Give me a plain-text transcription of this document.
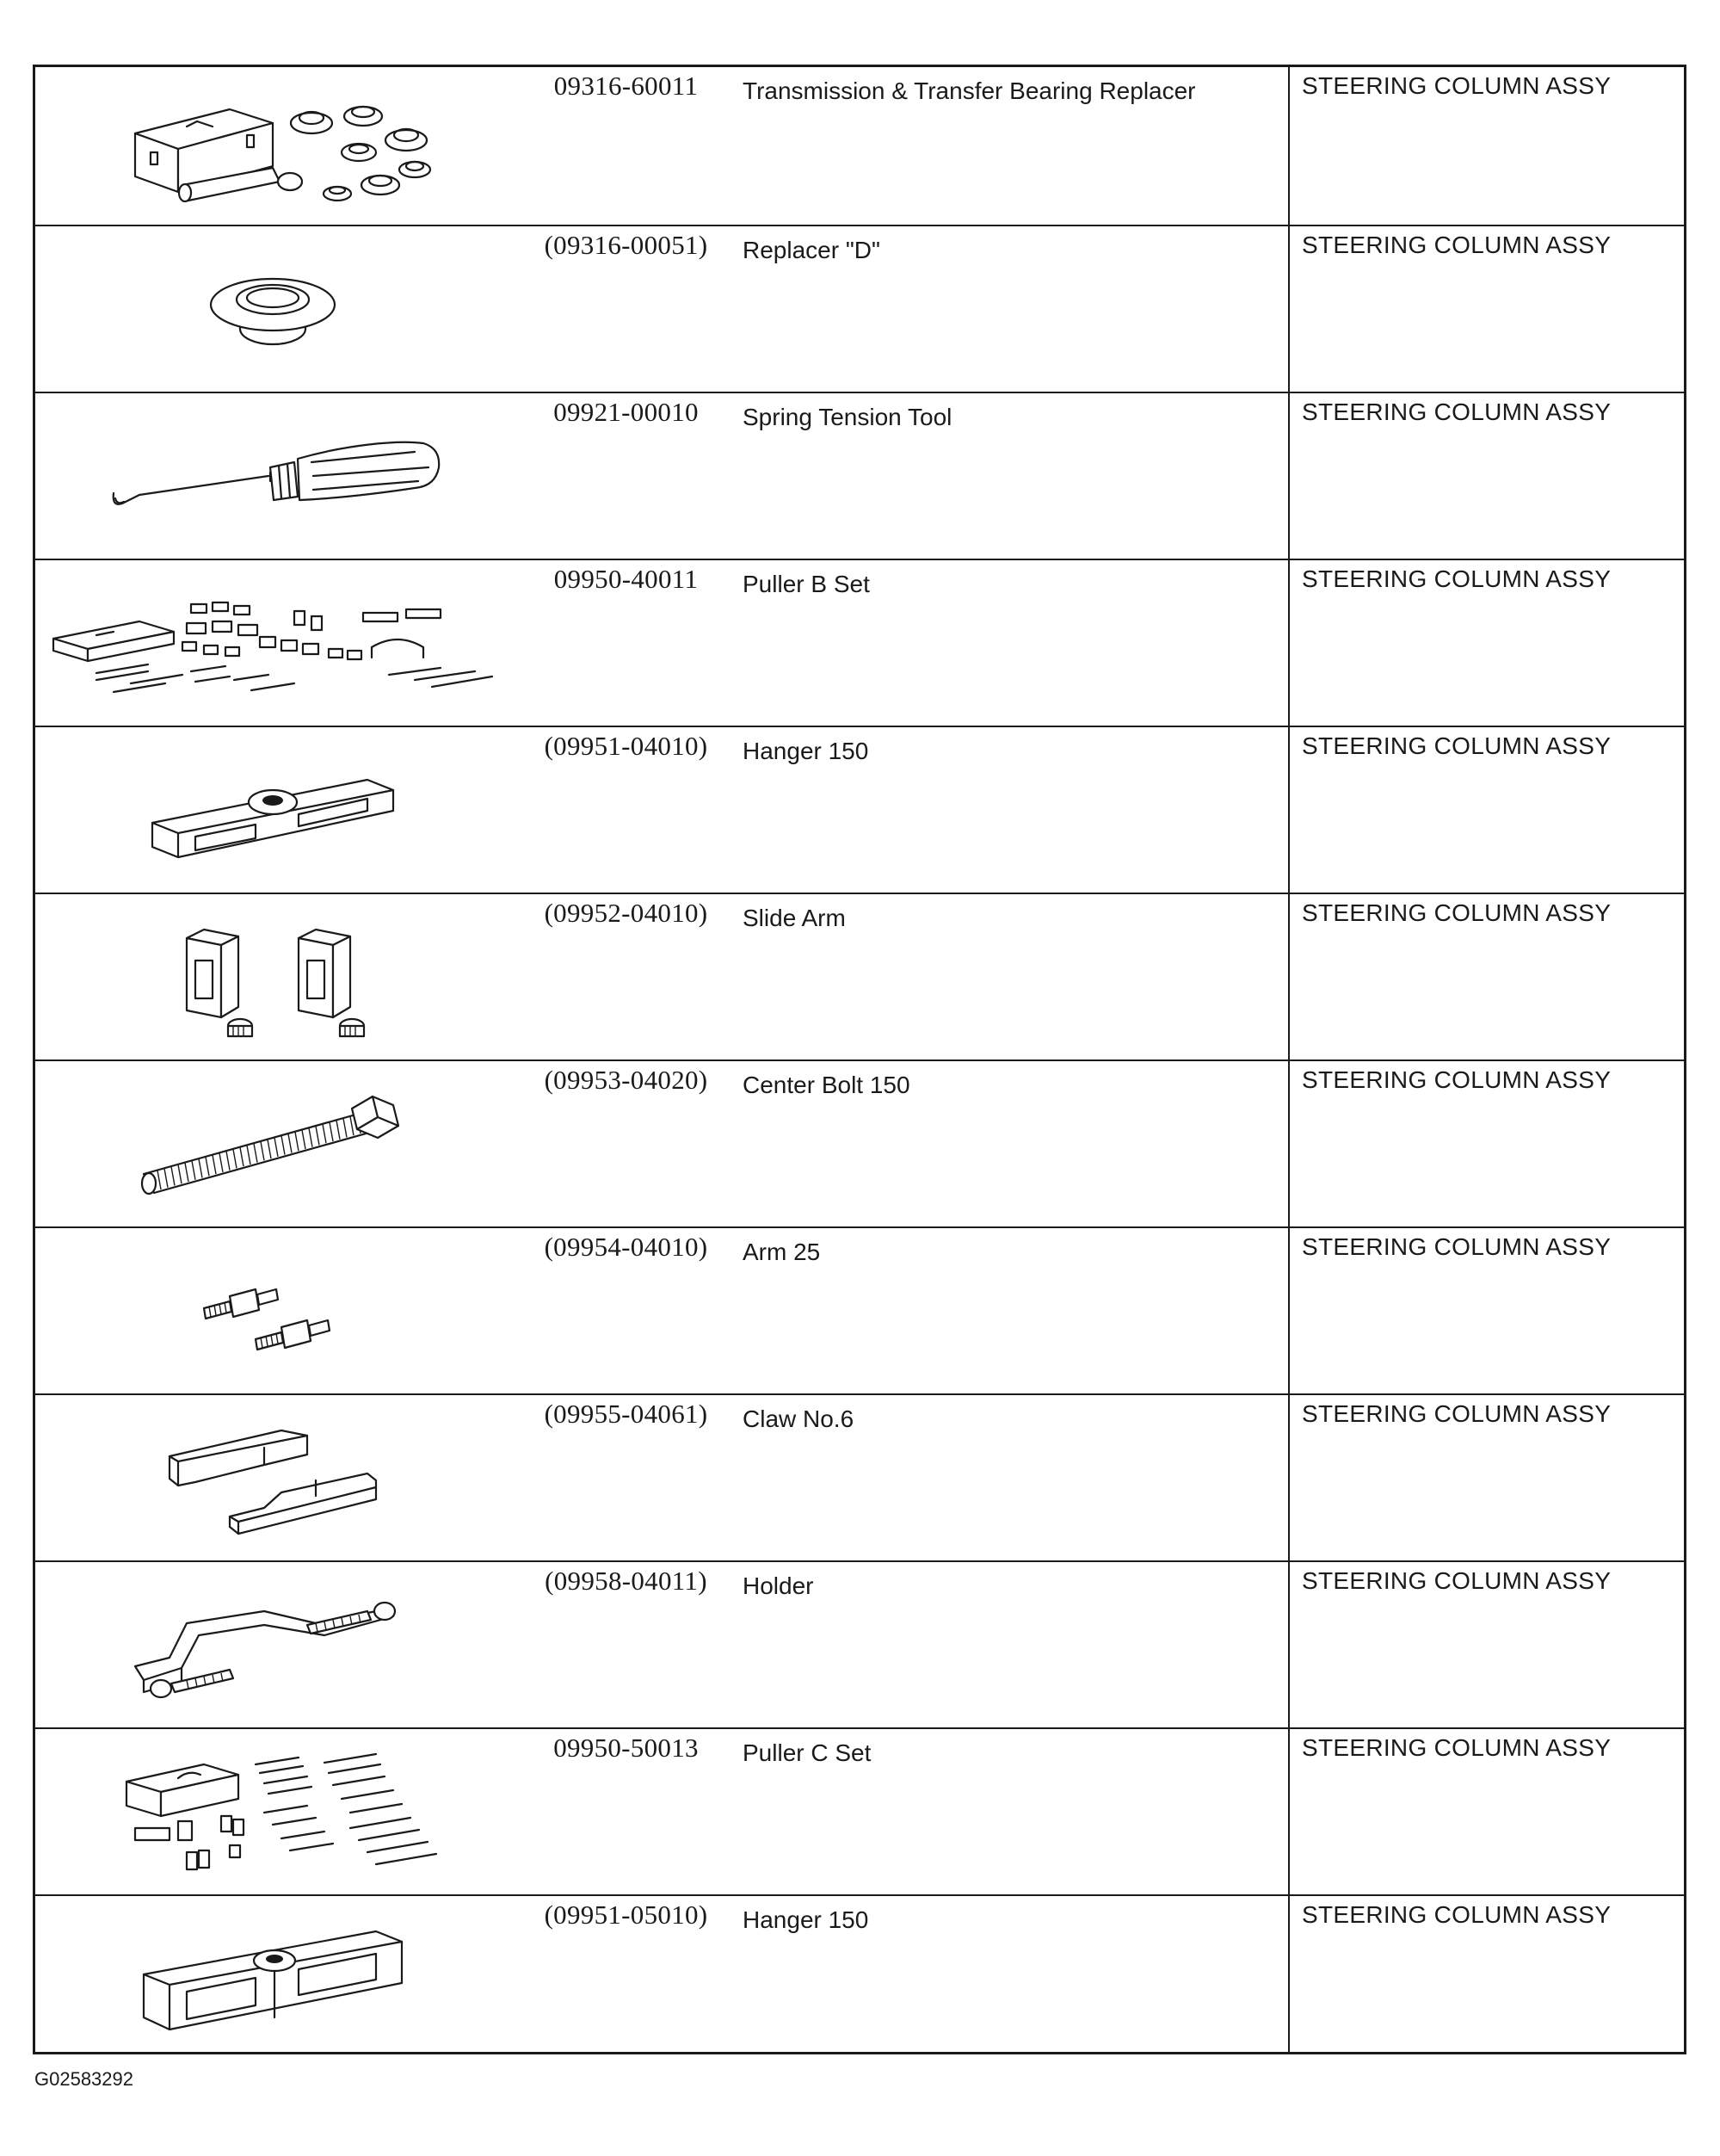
09316-60011	Transmission & Transfer Bearing Replacer	STEERING COLUMN ASSY
(09316-00051)	Replacer "D"	STEERING COLUMN ASSY
09921-00010	Spring Tension Tool	STEERING COLUMN ASSY
09950-40011	Puller B Set	STEERING COLUMN ASSY
(09951-04010)	Hanger 150	STEERING COLUMN ASSY
(09952-04010)	Slide Arm	STEERING COLUMN ASSY
(09953-04020)	Center Bolt 150	STEERING COLUMN ASSY
(09954-04010)	Arm 25	STEERING COLUMN ASSY
(09955-04061)	Claw No.6	STEERING COLUMN ASSY
(09958-04011)	Holder	STEERING COLUMN ASSY
09950-50013	Puller C Set	STEERING COLUMN ASSY
(09951-05010)	Hanger 150	STEERING COLUMN ASSY
G02583292
